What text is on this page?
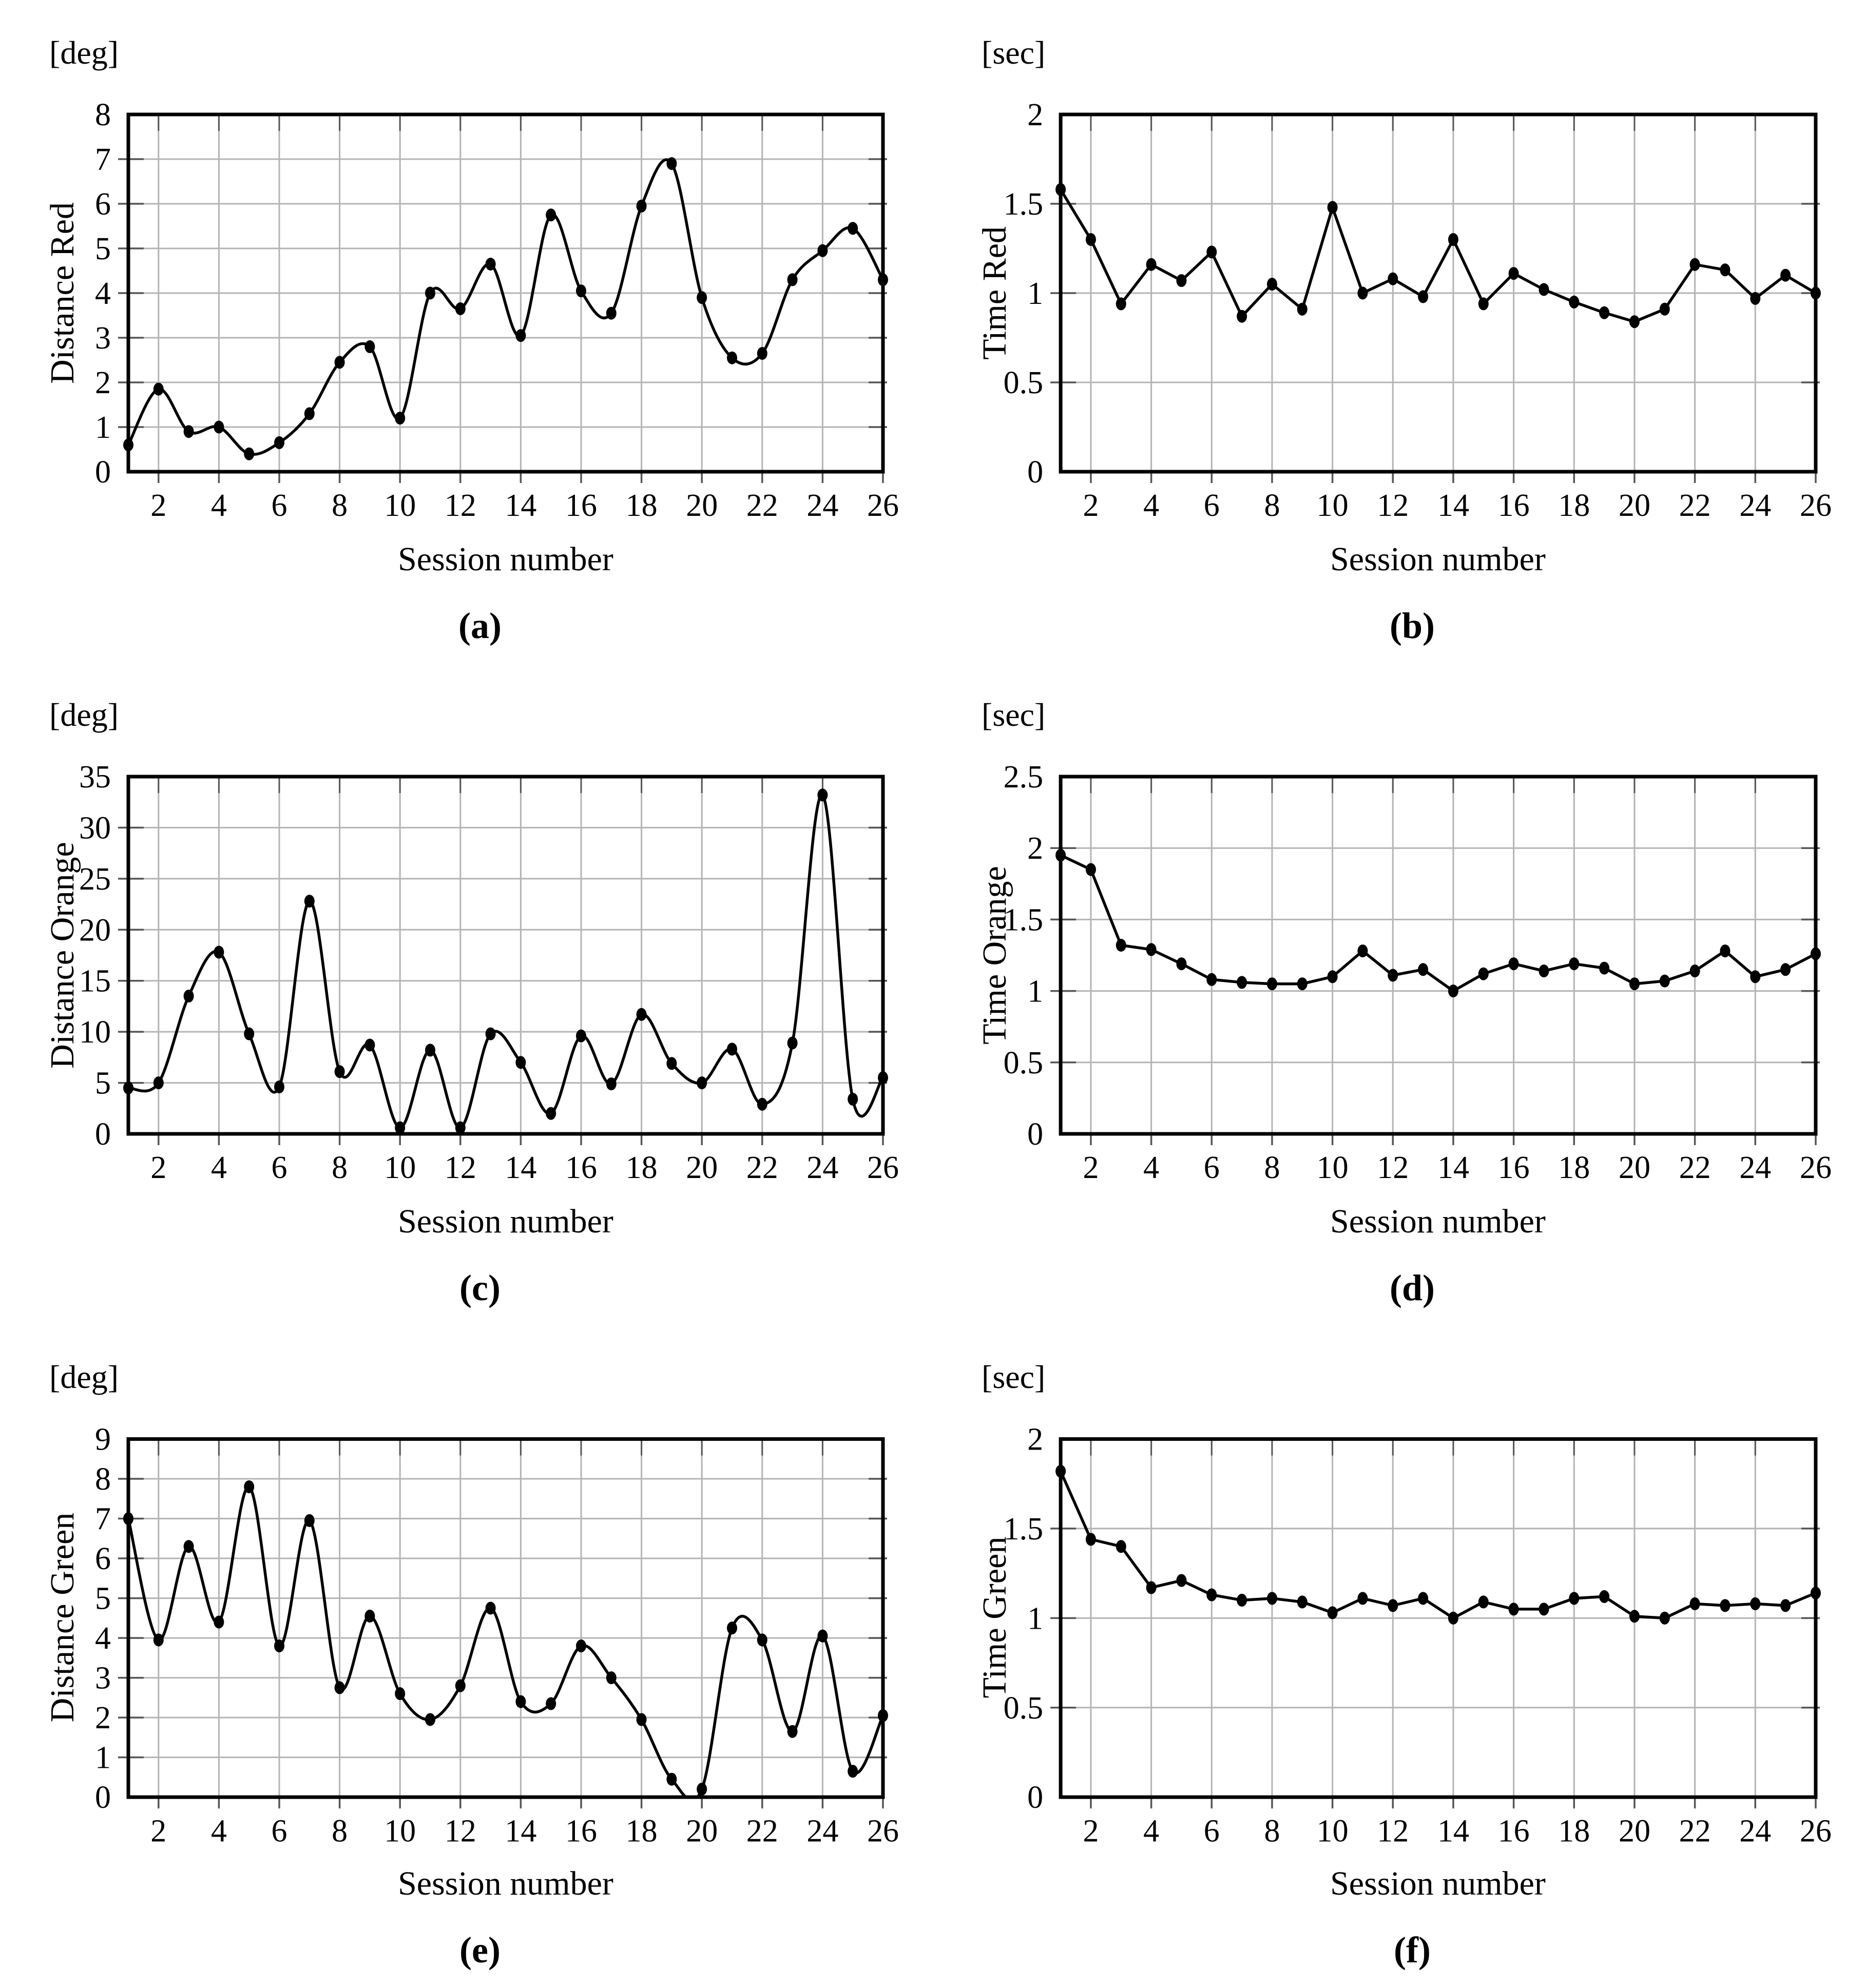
0
1
2
3
4
5
6
7
8
2 4 6 8 10 12 14 16 18 20 22 24 26
[deg]
Distance Red
Session number
(a)
0
0.5
1
1.5
2
2 4 6 8 10 12 14 16 18 20 22 24 26
[sec]
Time Red
Session number
(b)
0
5
10
15
20
25
30
35
2 4 6 8 10 12 14 16 18 20 22 24 26
[deg]
Distance Orange
Session number
(c)
0
0.5
1
1.5
2
2.5
2 4 6 8 10 12 14 16 18 20 22 24 26
[sec]
Time Orange
Session number
(d)
0
1
2
3
4
5
6
7
8
9
2 4 6 8 10 12 14 16 18 20 22 24 26
[deg]
Distance Green
Session number
(e)
0
0.5
1
1.5
2
2 4 6 8 10 12 14 16 18 20 22 24 26
[sec]
Time Green
Session number
(f)
